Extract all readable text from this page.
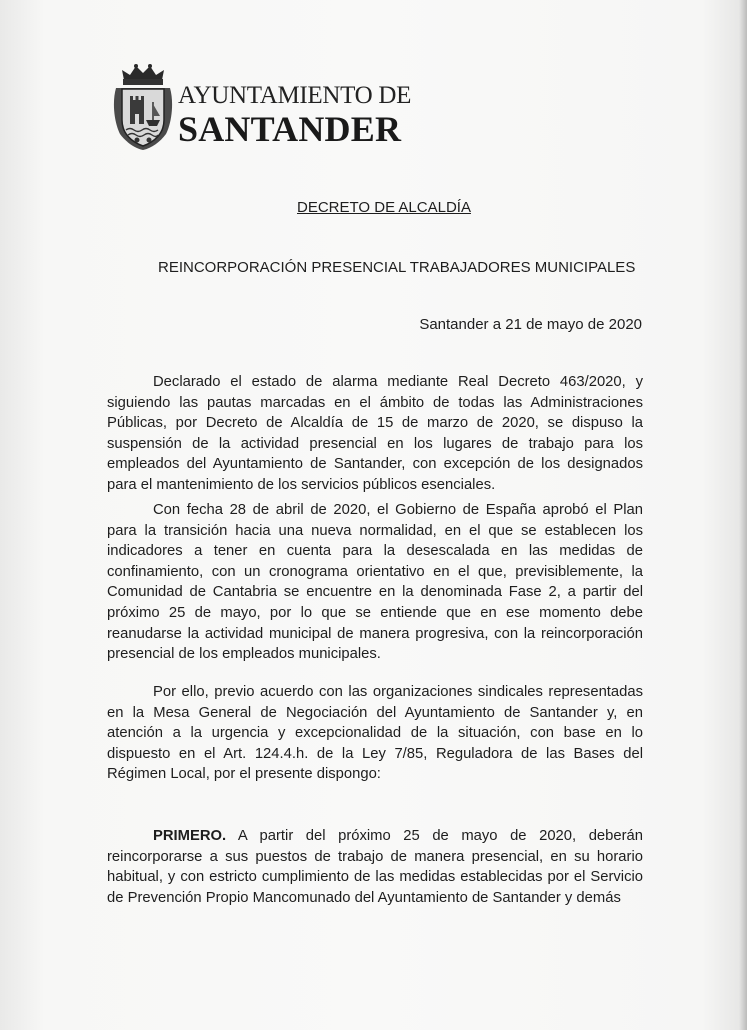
AYUNTAMIENTO DE
SANTANDER
DECRETO DE ALCALDÍA
REINCORPORACIÓN PRESENCIAL TRABAJADORES MUNICIPALES
Santander a 21 de mayo de 2020
Declarado el estado de alarma mediante Real Decreto 463/2020, y siguiendo las pautas marcadas en el ámbito de todas las Administraciones Públicas, por Decreto de Alcaldía de 15 de marzo de 2020, se dispuso la suspensión de la actividad presencial en los lugares de trabajo para los empleados del Ayuntamiento de Santander, con excepción de los designados para el mantenimiento de los servicios públicos esenciales.
Con fecha 28 de abril de 2020, el Gobierno de España aprobó el Plan para la transición hacia una nueva normalidad, en el que se establecen los indicadores a tener en cuenta para la desescalada en las medidas de confinamiento, con un cronograma orientativo en el que, previsiblemente, la Comunidad de Cantabria se encuentre en la denominada Fase 2, a partir del próximo 25 de mayo, por lo que se entiende que en ese momento debe reanudarse la actividad municipal de manera progresiva, con la reincorporación presencial de los empleados municipales.
Por ello, previo acuerdo con las organizaciones sindicales representadas en la Mesa General de Negociación del Ayuntamiento de Santander y, en atención a la urgencia y excepcionalidad de la situación, con base en lo dispuesto en el Art. 124.4.h. de la Ley 7/85, Reguladora de las Bases del Régimen Local, por el presente dispongo:
PRIMERO. A partir del próximo 25 de mayo de 2020, deberán reincorporarse a sus puestos de trabajo de manera presencial, en su horario habitual, y con estricto cumplimiento de las medidas establecidas por el Servicio de Prevención Propio Mancomunado del Ayuntamiento de Santander y demás
